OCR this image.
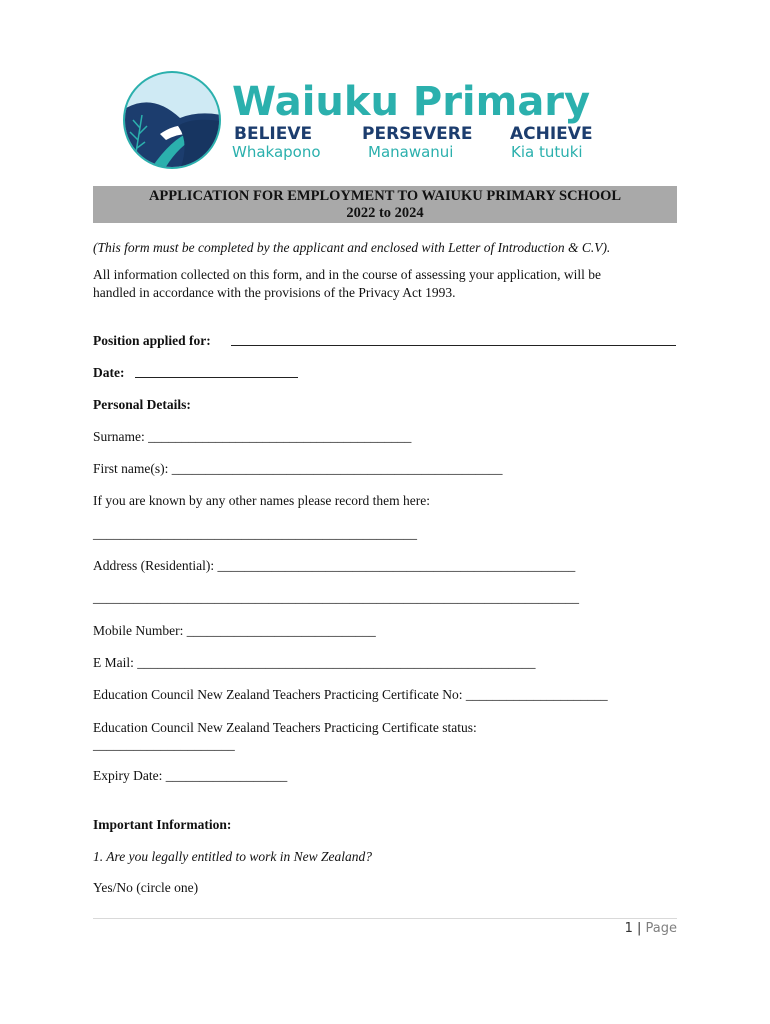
Waiuku Primary
BELIEVE	PERSEVERE ACHIEVE
Whakapono	Manawanui	Kia tutuki
APPLICATION FOR EMPLOYMENT TO WAIUKU PRIMARY SCHOOL
2022 to 2024
(This form must be completed by the applicant and enclosed with Letter of Introduction & C.V).
All information collected on this form, and in the course of assessing your application, will be
handled in accordance with the provisions of the Privacy Act 1993.
Position applied for:
Date:
Personal Details:
Surname: _______________________________________
First name(s): _________________________________________________
If you are known by any other names please record them here:
________________________________________________
Address (Residential): _____________________________________________________
________________________________________________________________________
Mobile Number: ____________________________
E Mail: ___________________________________________________________
Education Council New Zealand Teachers Practicing Certificate No: _____________________
Education Council New Zealand Teachers Practicing Certificate status:
_____________________
Expiry Date: __________________
Important Information:
1. Are you legally entitled to work in New Zealand?
Yes/No (circle one)
1 | Page
